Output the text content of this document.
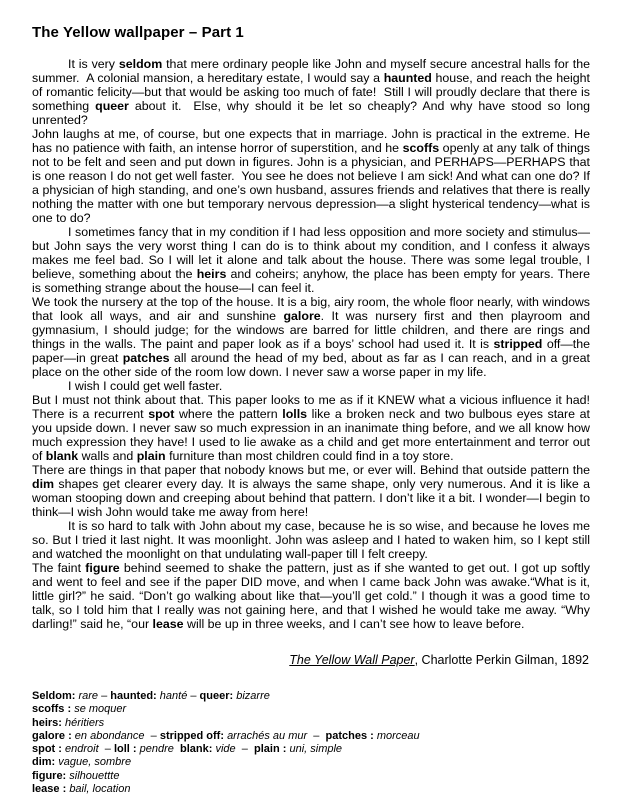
The Yellow wallpaper – Part 1
It is very seldom that mere ordinary people like John and myself secure ancestral halls for the summer.  A colonial mansion, a hereditary estate, I would say a haunted house, and reach the height of romantic felicity—but that would be asking too much of fate!  Still I will proudly declare that there is something queer about it.  Else, why should it be let so cheaply? And why have stood so long unrented?
John laughs at me, of course, but one expects that in marriage. John is practical in the extreme. He has no patience with faith, an intense horror of superstition, and he scoffs openly at any talk of things not to be felt and seen and put down in figures. John is a physician, and PERHAPS—PERHAPS that is one reason I do not get well faster.  You see he does not believe I am sick! And what can one do? If a physician of high standing, and one’s own husband, assures friends and relatives that there is really nothing the matter with one but temporary nervous depression—a slight hysterical tendency—what is one to do?
I sometimes fancy that in my condition if I had less opposition and more society and stimulus—but John says the very worst thing I can do is to think about my condition, and I confess it always makes me feel bad. So I will let it alone and talk about the house. There was some legal trouble, I believe, something about the heirs and coheirs; anyhow, the place has been empty for years. There is something strange about the house—I can feel it.
We took the nursery at the top of the house. It is a big, airy room, the whole floor nearly, with windows that look all ways, and air and sunshine galore. It was nursery first and then playroom and gymnasium, I should judge; for the windows are barred for little children, and there are rings and things in the walls. The paint and paper look as if a boys’ school had used it. It is stripped off—the paper—in great patches all around the head of my bed, about as far as I can reach, and in a great place on the other side of the room low down. I never saw a worse paper in my life.
I wish I could get well faster.
But I must not think about that. This paper looks to me as if it KNEW what a vicious influence it had! There is a recurrent spot where the pattern lolls like a broken neck and two bulbous eyes stare at you upside down. I never saw so much expression in an inanimate thing before, and we all know how much expression they have! I used to lie awake as a child and get more entertainment and terror out of blank walls and plain furniture than most children could find in a toy store.
There are things in that paper that nobody knows but me, or ever will. Behind that outside pattern the dim shapes get clearer every day. It is always the same shape, only very numerous. And it is like a woman stooping down and creeping about behind that pattern. I don’t like it a bit. I wonder—I begin to think—I wish John would take me away from here!
It is so hard to talk with John about my case, because he is so wise, and because he loves me so. But I tried it last night. It was moonlight. John was asleep and I hated to waken him, so I kept still and watched the moonlight on that undulating wall-paper till I felt creepy.
The faint figure behind seemed to shake the pattern, just as if she wanted to get out. I got up softly and went to feel and see if the paper DID move, and when I came back John was awake.“What is it, little girl?” he said. “Don’t go walking about like that—you’ll get cold.” I though it was a good time to talk, so I told him that I really was not gaining here, and that I wished he would take me away. “Why darling!” said he, “our lease will be up in three weeks, and I can’t see how to leave before.
The Yellow Wall Paper, Charlotte Perkin Gilman, 1892
Seldom: rare – haunted: hanté – queer: bizarre
scoffs : se moquer
heirs: héritiers
galore : en abondance  – stripped off: arrachés au mur  –  patches : morceau
spot : endroit  – loll : pendre blank: vide  –  plain : uni, simple
dim: vague, sombre
figure: silhouettte
lease : bail, location
